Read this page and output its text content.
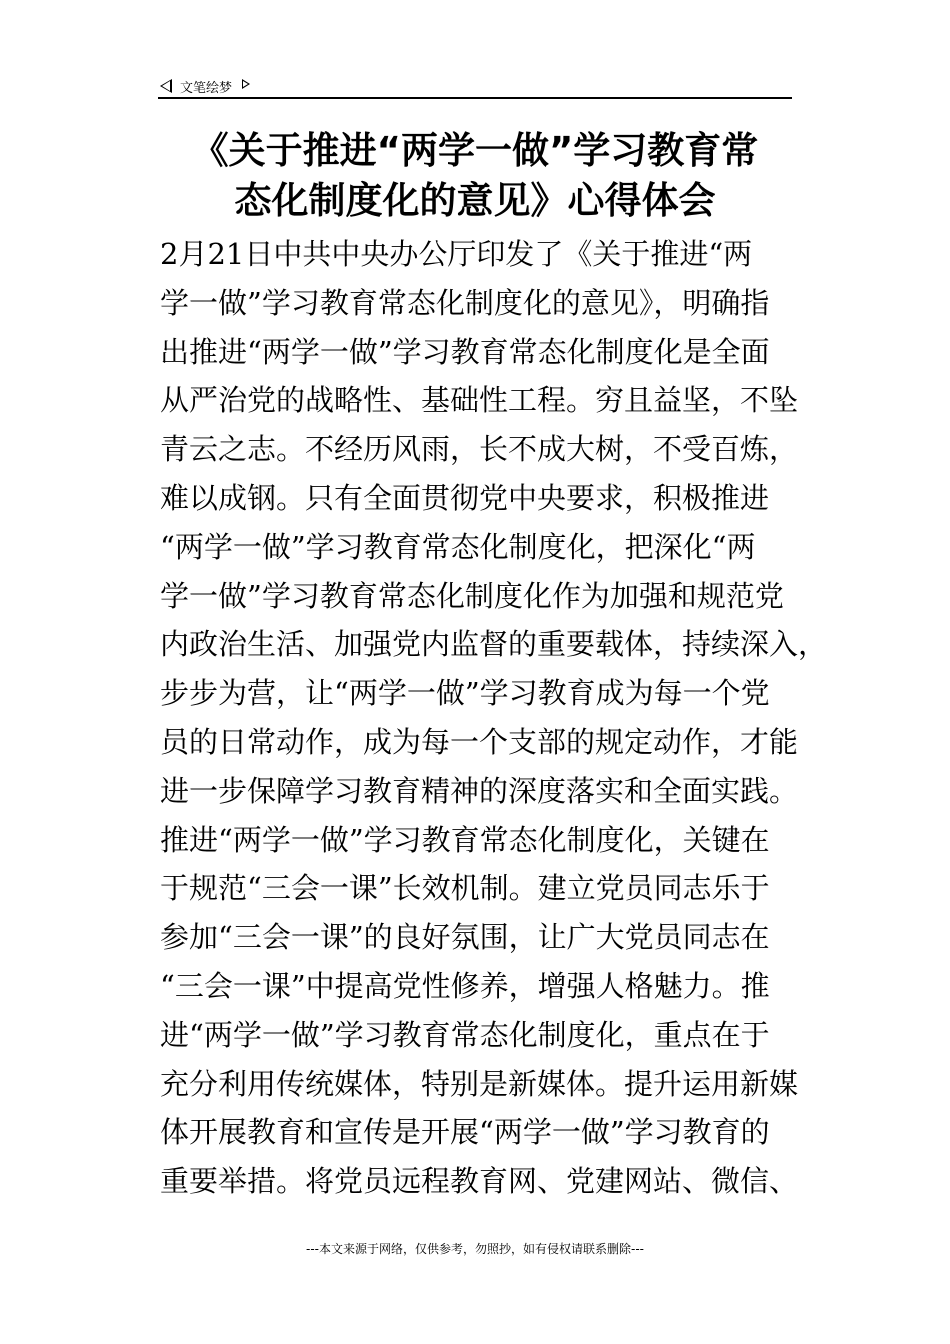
文笔绘梦
《关于推进“两学一做”学习教育常
态化制度化的意见》心得体会
2月21日中共中央办公厅印发了《关于推进“两
学一做”学习教育常态化制度化的意见》，明确指
出推进“两学一做”学习教育常态化制度化是全面
从严治党的战略性、基础性工程。穷且益坚，不坠
青云之志。不经历风雨，长不成大树，不受百炼，
难以成钢。只有全面贯彻党中央要求，积极推进
“两学一做”学习教育常态化制度化，把深化“两
学一做”学习教育常态化制度化作为加强和规范党
内政治生活、加强党内监督的重要载体，持续深入，
步步为营，让“两学一做”学习教育成为每一个党
员的日常动作，成为每一个支部的规定动作，才能
进一步保障学习教育精神的深度落实和全面实践。
推进“两学一做”学习教育常态化制度化，关键在
于规范“三会一课”长效机制。建立党员同志乐于
参加“三会一课”的良好氛围，让广大党员同志在
“三会一课”中提高党性修养，增强人格魅力。推
进“两学一做”学习教育常态化制度化，重点在于
充分利用传统媒体，特别是新媒体。提升运用新媒
体开展教育和宣传是开展“两学一做”学习教育的
重要举措。将党员远程教育网、党建网站、微信、
---本文来源于网络，仅供参考，勿照抄，如有侵权请联系删除---
